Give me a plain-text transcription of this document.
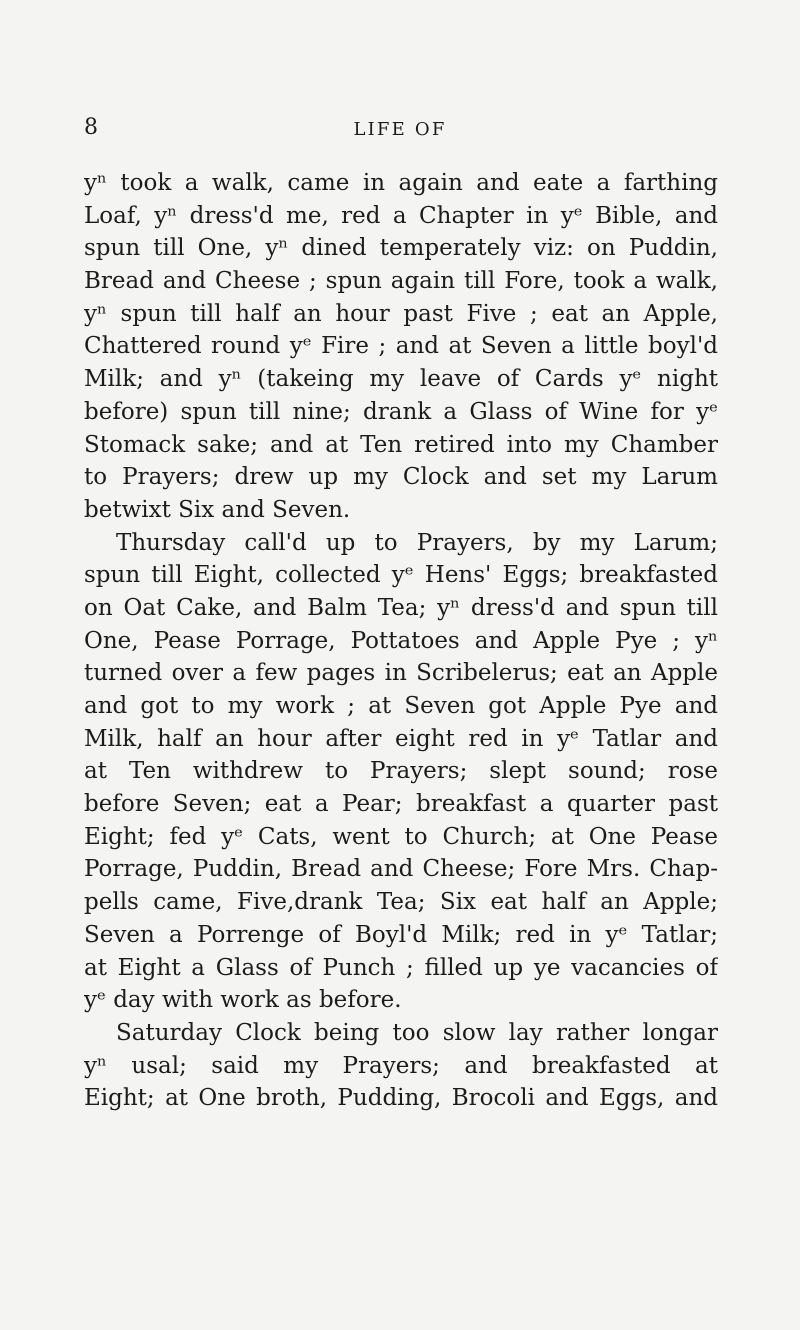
8	LIFE OF
yⁿ took a walk, came in again and eate a farthing
Loaf, yⁿ dress'd me, red a Chapter in yᵉ Bible, and
spun till One, yⁿ dined temperately viz: on Puddin,
Bread and Cheese ; spun again till Fore, took a walk,
yⁿ spun till half an hour past Five ; eat an Apple,
Chattered round yᵉ Fire ; and at Seven a little boyl'd
Milk; and yⁿ (takeing my leave of Cards yᵉ night
before) spun till nine; drank a Glass of Wine for yᵉ
Stomack sake; and at Ten retired into my Chamber
to Prayers; drew up my Clock and set my Larum
betwixt Six and Seven.
Thursday call'd up to Prayers, by my Larum;
spun till Eight, collected yᵉ Hens' Eggs; breakfasted
on Oat Cake, and Balm Tea; yⁿ dress'd and spun till
One, Pease Porrage, Pottatoes and Apple Pye ; yⁿ
turned over a few pages in Scribelerus; eat an Apple
and got to my work ; at Seven got Apple Pye and
Milk, half an hour after eight red in yᵉ Tatlar and
at Ten withdrew to Prayers; slept sound; rose
before Seven; eat a Pear; breakfast a quarter past
Eight; fed yᵉ Cats, went to Church; at One Pease
Porrage, Puddin, Bread and Cheese; Fore Mrs. Chap-
pells came, Five,drank Tea; Six eat half an Apple;
Seven a Porrenge of Boyl'd Milk; red in yᵉ Tatlar;
at Eight a Glass of Punch ; filled up ye vacancies of
yᵉ day with work as before.
Saturday Clock being too slow lay rather longar
yⁿ usal; said my Prayers; and breakfasted at
Eight; at One broth, Pudding, Brocoli and Eggs, and
